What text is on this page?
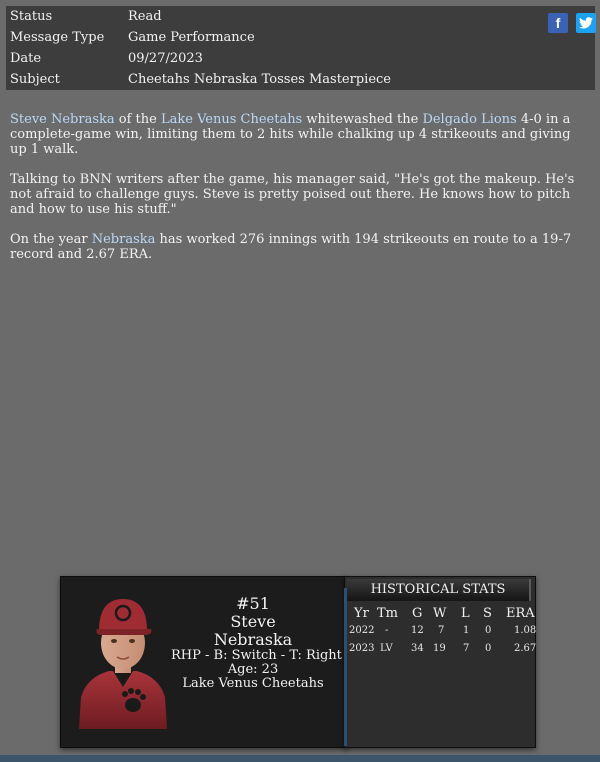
Status	Read
Message Type	Game Performance
Date	09/27/2023
Subject	Cheetahs Nebraska Tosses Masterpiece
f

Steve Nebraska of the Lake Venus Cheetahs whitewashed the Delgado Lions 4-0 in a complete-game win, limiting them to 2 hits while chalking up 4 strikeouts and giving up 1 walk.

Talking to BNN writers after the game, his manager said, "He's got the makeup. He's not afraid to challenge guys. Steve is pretty poised out there. He knows how to pitch and how to use his stuff."

On the year Nebraska has worked 276 innings with 194 strikeouts en route to a 19-7 record and 2.67 ERA.

#51
Steve
Nebraska
RHP - B: Switch - T: Right
Age: 23
Lake Venus Cheetahs
HISTORICAL STATS
Yr Tm G W L S ERA
2022 - 12 7 1 0 1.08
2023 LV 34 19 7 0 2.67
